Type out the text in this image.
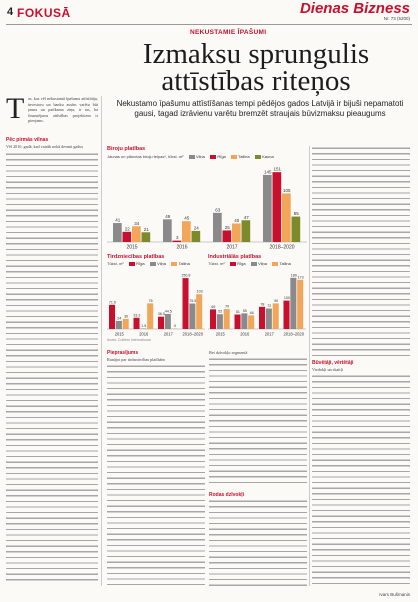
4 FOKUSĀ	Dienas Bizness
Nr. 73 (5200)
NEKUSTAMIE ĪPAŠUMI
Izmaksu sprungulis attīstības riteņos
Nekustamo īpašumu attīstīšanas tempi pēdējos gados Latvijā ir bijuši nepamatoti gausi, tagad izrāvienu varētu bremzēt straujais būvizmaksu pieaugums
T as, kas vēl nekustamā īpašuma attīstītāju, investoru un banku ausīm varētu būt jauna un patīkama ziņa, ir tas, ka finansējums attīstības projektiem ir pieejams.
Pēc pirmās vilnas
Vēl 2016. gadā, kad vairāk nekā desmit gadus	Biroju platības
Jaunas un plānotas biroju telpas*, tūkst. m²	Viļņa	Rīga	Tallina	Kauņa
41
22
34
21
2015
49
3
45
24
2016
63
25
40
47
2017
145
151
105
55
2018–2020
Tirdzniecības platības
Tūkst. m²	Rīga	Viļņa	Tallina
71.6
24
30
2015
33.3
1.5
76
2016
36.5
44.5
0
2017
150.8
75.5
103
2018–2020
Industriālās platības
Tūkst. m²	Rīga	Viļņa	Tallina
69
52
70
2015
51 55 48
2016
78 72
90
2017
100
180 173
2018–2020
Avots: Colliers International
Pieprasījums
Runājot par tirdzniecības platībām
Bet dzīvokļu segmentā
Rodas dzīvokļi
Būvētāji, vērtētāji
Viedokļi un skaitļi
Ivars Bušmanis
